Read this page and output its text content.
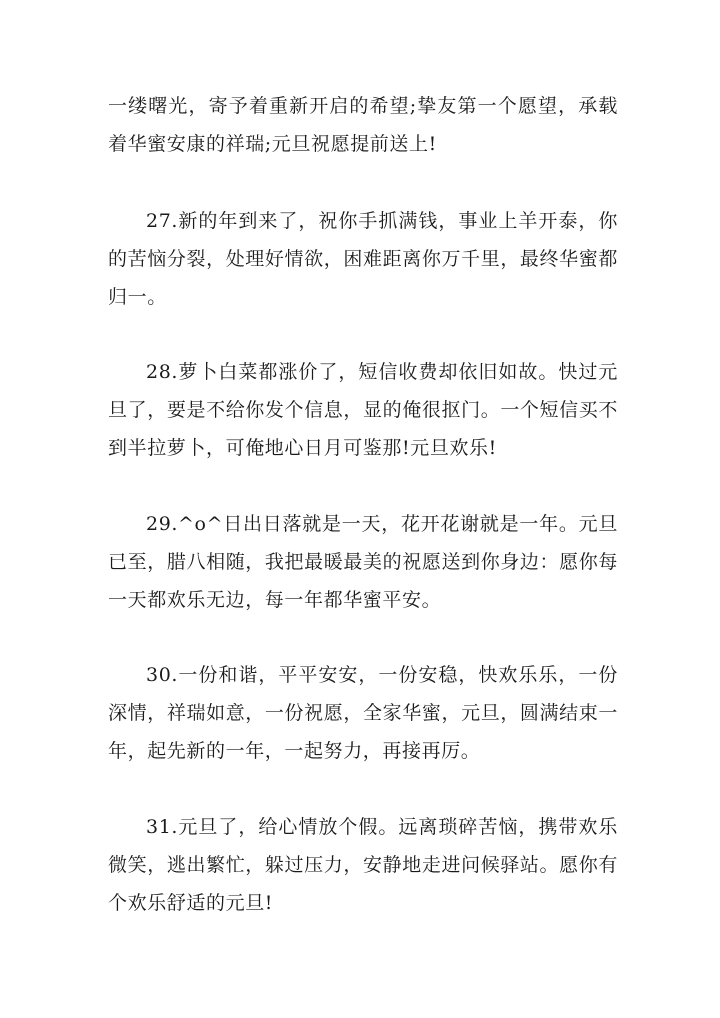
一缕曙光，寄予着重新开启的希望;挚友第一个愿望，承载着华蜜安康的祥瑞;元旦祝愿提前送上!

27.新的年到来了，祝你手抓满钱，事业上羊开泰，你的苦恼分裂，处理好情欲，困难距离你万千里，最终华蜜都归一。

28.萝卜白菜都涨价了，短信收费却依旧如故。快过元旦了，要是不给你发个信息，显的俺很抠门。一个短信买不到半拉萝卜，可俺地心日月可鉴那!元旦欢乐!

29.^o^日出日落就是一天，花开花谢就是一年。元旦已至，腊八相随，我把最暖最美的祝愿送到你身边：愿你每一天都欢乐无边，每一年都华蜜平安。

30.一份和谐，平平安安，一份安稳，快欢乐乐，一份深情，祥瑞如意，一份祝愿，全家华蜜，元旦，圆满结束一年，起先新的一年，一起努力，再接再厉。

31.元旦了，给心情放个假。远离琐碎苦恼，携带欢乐微笑，逃出繁忙，躲过压力，安静地走进问候驿站。愿你有个欢乐舒适的元旦!
